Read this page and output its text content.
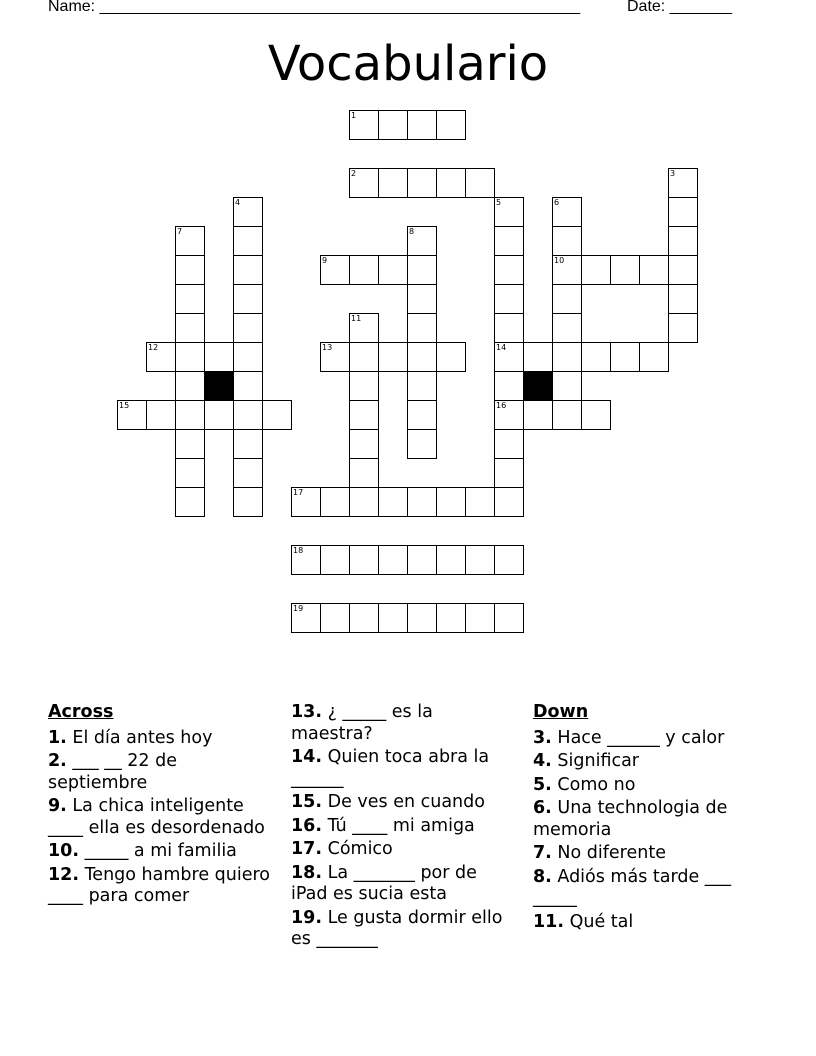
Name: ______________________________________________________	Date: _______
Vocabulario
1
2	3
4	5	6
7	8
9	10
11
12	13	14
15	16
17
18
19
Across
1. El día antes hoy
2. ___ __ 22 de septiembre
9. La chica inteligente ____ ella es desordenado
10. _____ a mi familia
12. Tengo hambre quiero ____ para comer
13. ¿ _____ es la maestra?
14. Quien toca abra la ______
15. De ves en cuando
16. Tú ____ mi amiga
17. Cómico
18. La _______ por de iPad es sucia esta
19. Le gusta dormir ello es _______
Down
3. Hace ______ y calor
4. Significar
5. Como no
6. Una technologia de memoria
7. No diferente
8. Adiós más tarde ___ _____
11. Qué tal
